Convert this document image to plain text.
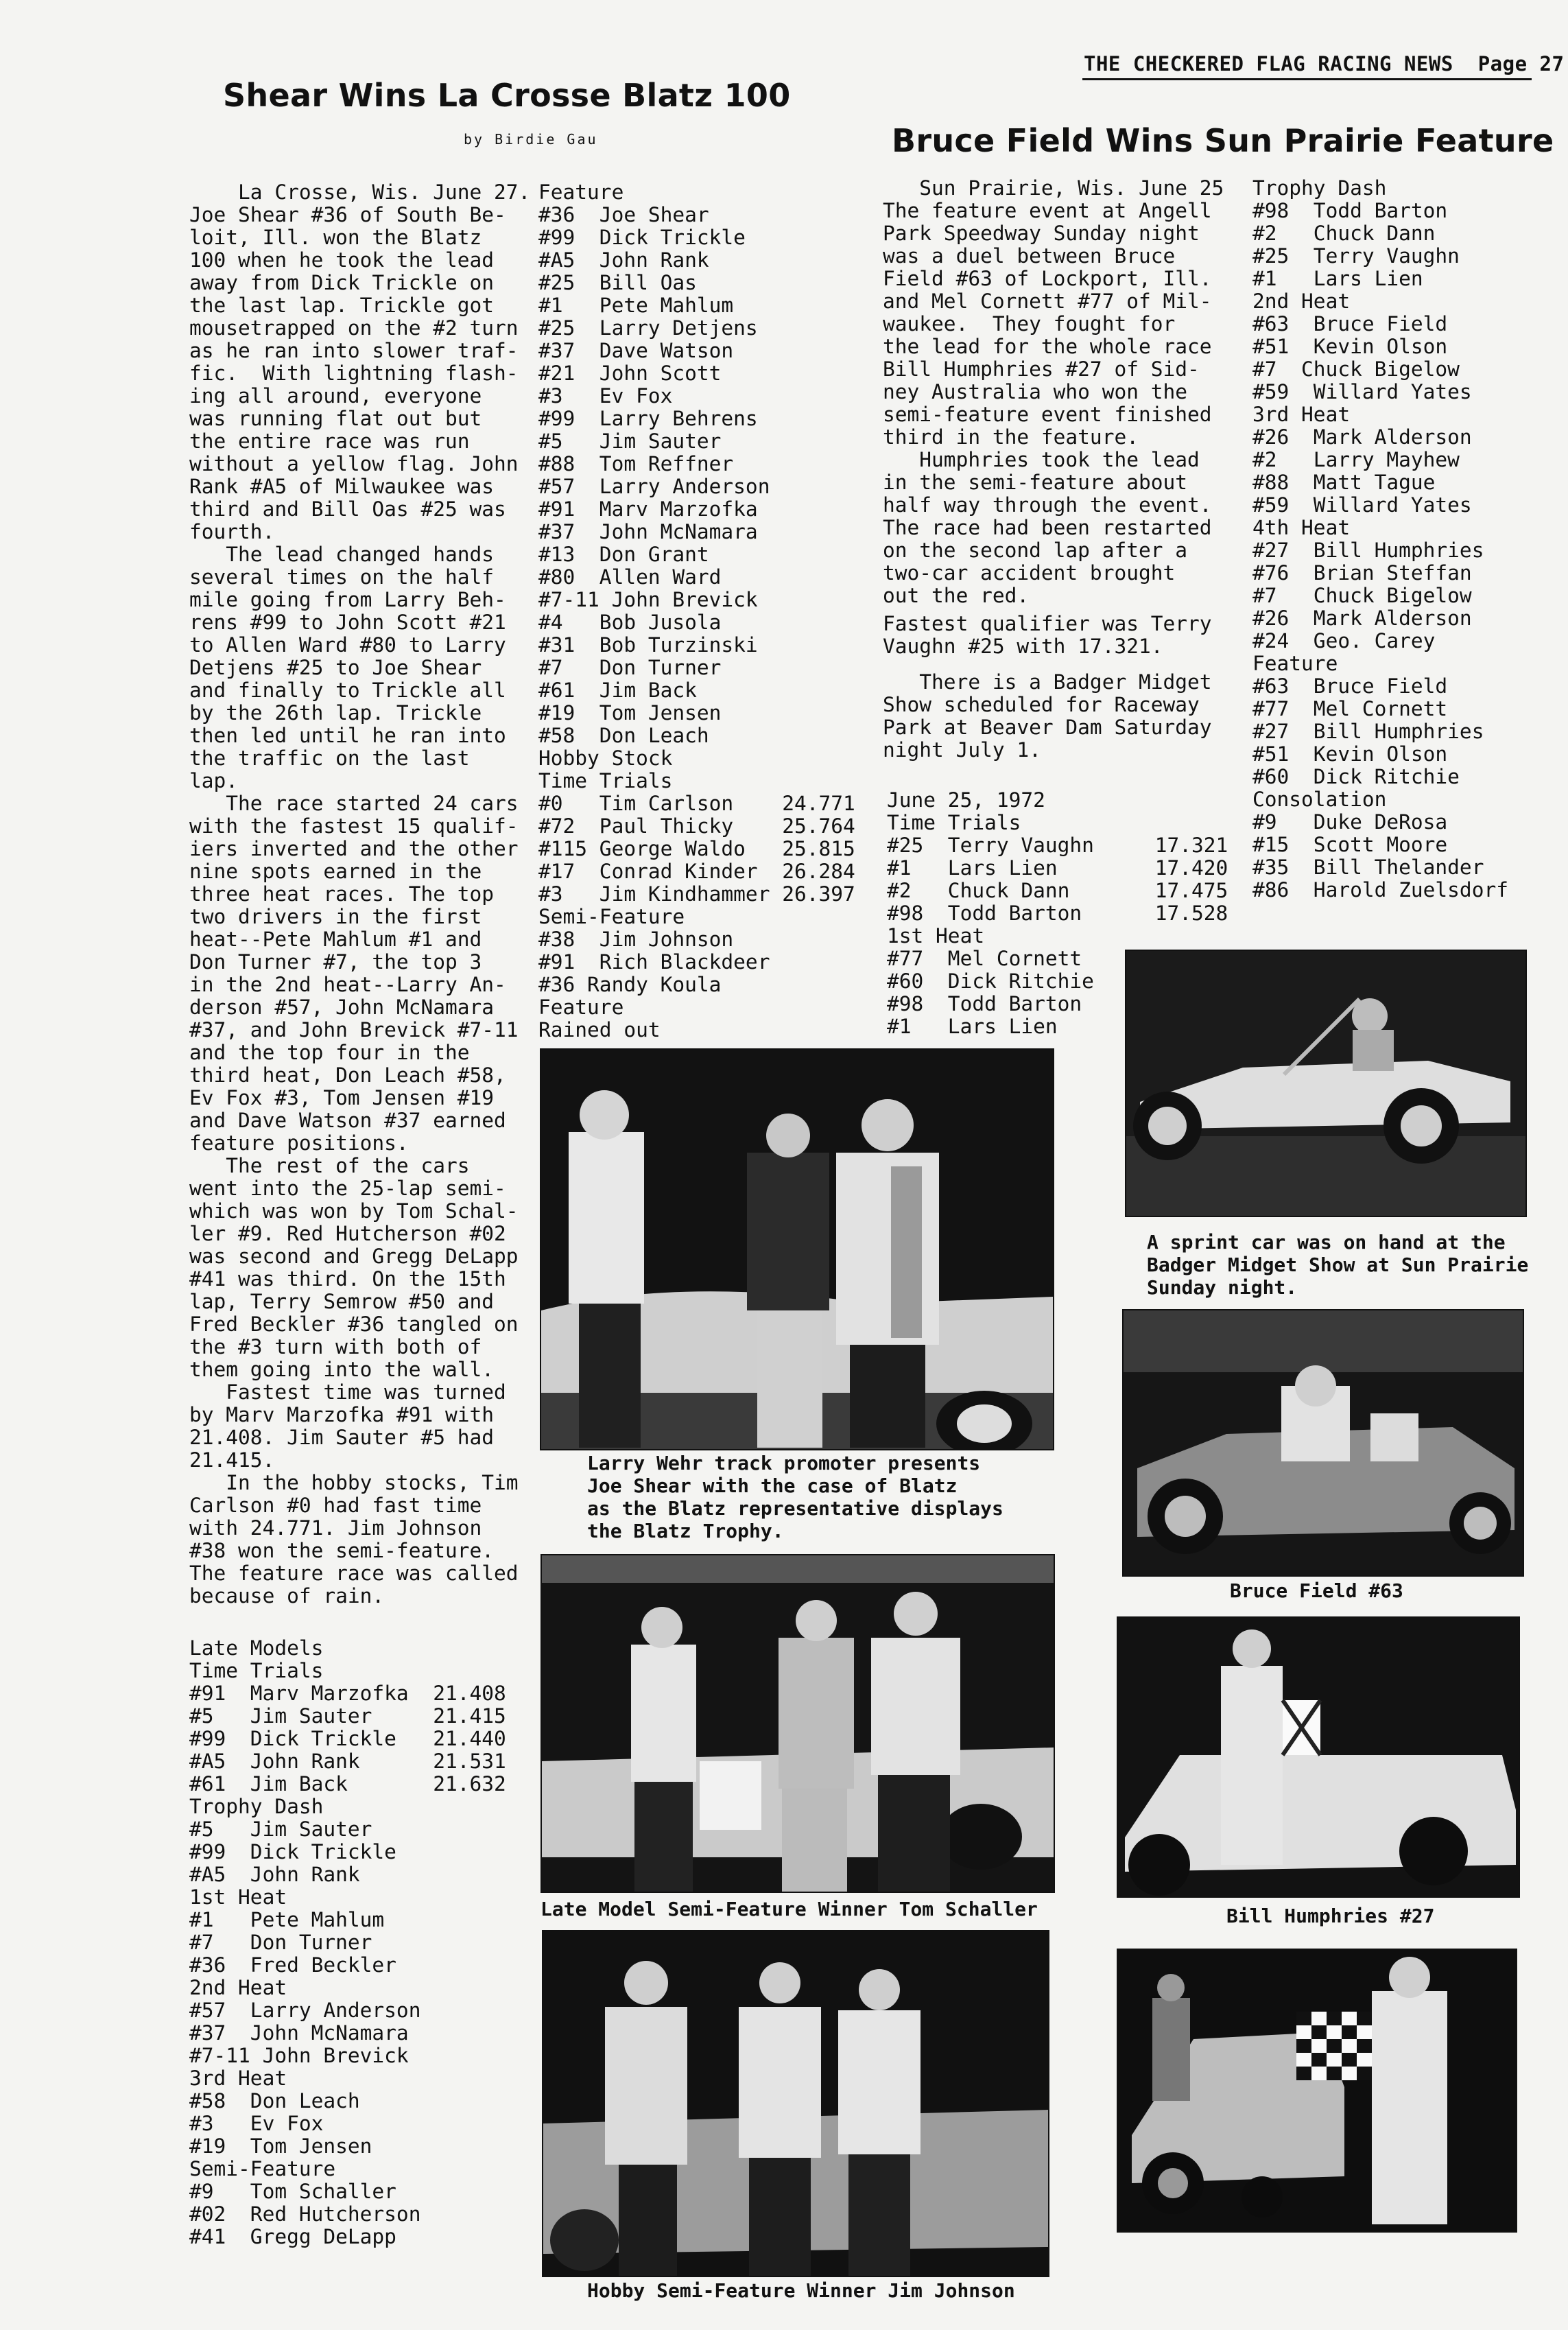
THE CHECKERED FLAG RACING NEWS Page 27
Shear Wins La Crosse Blatz 100
by Birdie Gau
La Crosse, Wis. June 27.
Joe Shear #36 of South Be-
loit, Ill. won the Blatz
100 when he took the lead
away from Dick Trickle on
the last lap. Trickle got
mousetrapped on the #2 turn
as he ran into slower traf-
fic.  With lightning flash-
ing all around, everyone
was running flat out but
the entire race was run
without a yellow flag. John
Rank #A5 of Milwaukee was
third and Bill Oas #25 was
fourth.
The lead changed hands
several times on the half
mile going from Larry Beh-
rens #99 to John Scott #21
to Allen Ward #80 to Larry
Detjens #25 to Joe Shear
and finally to Trickle all
by the 26th lap. Trickle
then led until he ran into
the traffic on the last
lap.
The race started 24 cars
with the fastest 15 qualif-
iers inverted and the other
nine spots earned in the
three heat races. The top
two drivers in the first
heat--Pete Mahlum #1 and
Don Turner #7, the top 3
in the 2nd heat--Larry An-
derson #57, John McNamara
#37, and John Brevick #7-11
and the top four in the
third heat, Don Leach #58,
Ev Fox #3, Tom Jensen #19
and Dave Watson #37 earned
feature positions.
The rest of the cars
went into the 25-lap semi-
which was won by Tom Schal-
ler #9. Red Hutcherson #02
was second and Gregg DeLapp
#41 was third. On the 15th
lap, Terry Semrow #50 and
Fred Beckler #36 tangled on
the #3 turn with both of
them going into the wall.
Fastest time was turned
by Marv Marzofka #91 with
21.408. Jim Sauter #5 had
21.415.
In the hobby stocks, Tim
Carlson #0 had fast time
with 24.771. Jim Johnson
#38 won the semi-feature.
The feature race was called
because of rain.
Late Models
Time Trials
#91  Marv Marzofka  21.408
#5   Jim Sauter     21.415
#99  Dick Trickle   21.440
#A5  John Rank      21.531
#61  Jim Back       21.632
Trophy Dash
#5   Jim Sauter
#99  Dick Trickle
#A5  John Rank
1st Heat
#1   Pete Mahlum
#7   Don Turner
#36  Fred Beckler
2nd Heat
#57  Larry Anderson
#37  John McNamara
#7-11 John Brevick
3rd Heat
#58  Don Leach
#3   Ev Fox
#19  Tom Jensen
Semi-Feature
#9   Tom Schaller
#02  Red Hutcherson
#41  Gregg DeLapp
Feature
#36  Joe Shear
#99  Dick Trickle
#A5  John Rank
#25  Bill Oas
#1   Pete Mahlum
#25  Larry Detjens
#37  Dave Watson
#21  John Scott
#3   Ev Fox
#99  Larry Behrens
#5   Jim Sauter
#88  Tom Reffner
#57  Larry Anderson
#91  Marv Marzofka
#37  John McNamara
#13  Don Grant
#80  Allen Ward
#7-11 John Brevick
#4   Bob Jusola
#31  Bob Turzinski
#7   Don Turner
#61  Jim Back
#19  Tom Jensen
#58  Don Leach
Hobby Stock
Time Trials
#0   Tim Carlson    24.771
#72  Paul Thicky    25.764
#115 George Waldo   25.815
#17  Conrad Kinder  26.284
#3   Jim Kindhammer 26.397
Semi-Feature
#38  Jim Johnson
#91  Rich Blackdeer
#36 Randy Koula
Feature
Rained out
Bruce Field Wins Sun Prairie Feature
Sun Prairie, Wis. June 25
The feature event at Angell
Park Speedway Sunday night
was a duel between Bruce
Field #63 of Lockport, Ill.
and Mel Cornett #77 of Mil-
waukee.  They fought for
the lead for the whole race
Bill Humphries #27 of Sid-
ney Australia who won the
semi-feature event finished
third in the feature.
Humphries took the lead
in the semi-feature about
half way through the event.
The race had been restarted
on the second lap after a
two-car accident brought
out the red.
Fastest qualifier was Terry
Vaughn #25 with 17.321.
There is a Badger Midget
Show scheduled for Raceway
Park at Beaver Dam Saturday
night July 1.
June 25, 1972
Time Trials
#25  Terry Vaughn     17.321
#1   Lars Lien        17.420
#2   Chuck Dann       17.475
#98  Todd Barton      17.528
1st Heat
#77  Mel Cornett
#60  Dick Ritchie
#98  Todd Barton
#1   Lars Lien
Trophy Dash
#98  Todd Barton
#2   Chuck Dann
#25  Terry Vaughn
#1   Lars Lien
2nd Heat
#63  Bruce Field
#51  Kevin Olson
#7  Chuck Bigelow
#59  Willard Yates
3rd Heat
#26  Mark Alderson
#2   Larry Mayhew
#88  Matt Tague
#59  Willard Yates
4th Heat
#27  Bill Humphries
#76  Brian Steffan
#7   Chuck Bigelow
#26  Mark Alderson
#24  Geo. Carey
Feature
#63  Bruce Field
#77  Mel Cornett
#27  Bill Humphries
#51  Kevin Olson
#60  Dick Ritchie
Consolation
#9   Duke DeRosa
#15  Scott Moore
#35  Bill Thelander
#86  Harold Zuelsdorf
Larry Wehr track promoter presents
Joe Shear with the case of Blatz
as the Blatz representative displays
the Blatz Trophy.
Late Model Semi-Feature Winner Tom Schaller
Hobby Semi-Feature Winner Jim Johnson
A sprint car was on hand at the
Badger Midget Show at Sun Prairie
Sunday night.
Bruce Field #63
Bill Humphries #27
